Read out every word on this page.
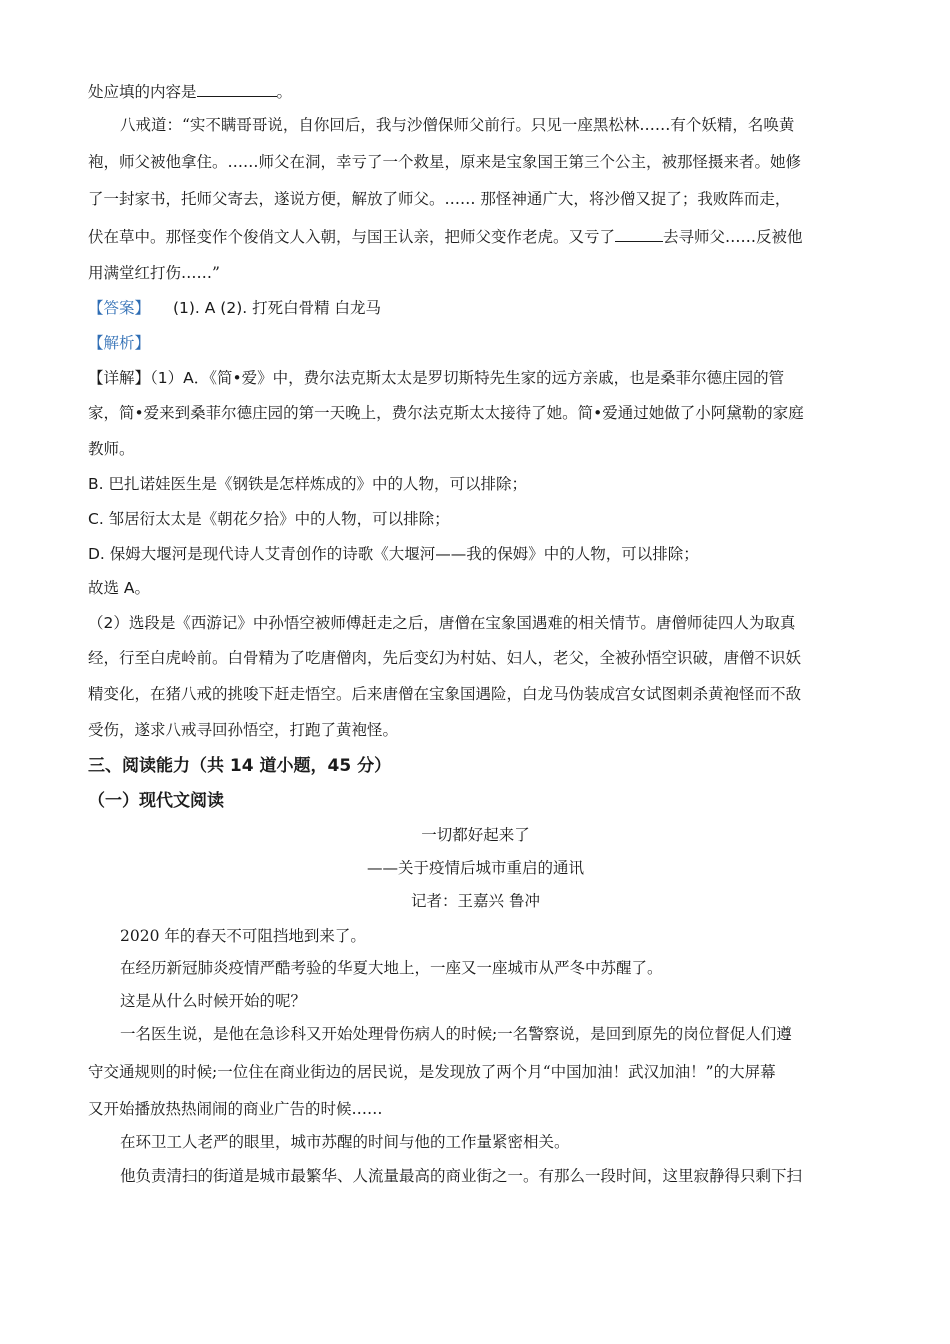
处应填的内容是	。
八戒道：“实不瞒哥哥说，自你回后，我与沙僧保师父前行。只见一座黑松林……有个妖精，名唤黄
袍，师父被他拿住。……师父在洞，幸亏了一个救星，原来是宝象国王第三个公主，被那怪摄来者。她修
了一封家书，托师父寄去，遂说方便，解放了师父。…… 那怪神通广大，将沙僧又捉了；我败阵而走，
伏在草中。那怪变作个俊俏文人入朝，与国王认亲，把师父变作老虎。又亏了	去寻师父……反被他
用满堂红打伤……”
【答案】 (1). A (2). 打死白骨精 白龙马
【解析】
【详解】（1）A．《简•爱》中，费尔法克斯太太是罗切斯特先生家的远方亲戚，也是桑菲尔德庄园的管
家，简•爱来到桑菲尔德庄园的第一天晚上，费尔法克斯太太接待了她。简•爱通过她做了小阿黛勒的家庭
教师。
B. 巴扎诺娃医生是《钢铁是怎样炼成的》中的人物，可以排除；
C. 邹居衍太太是《朝花夕拾》中的人物，可以排除；
D. 保姆大堰河是现代诗人艾青创作的诗歌《大堰河——我的保姆》中的人物，可以排除；
故选 A。
（2）选段是《西游记》中孙悟空被师傅赶走之后，唐僧在宝象国遇难的相关情节。唐僧师徒四人为取真
经，行至白虎岭前。白骨精为了吃唐僧肉，先后变幻为村姑、妇人，老父，全被孙悟空识破，唐僧不识妖
精变化，在猪八戒的挑唆下赶走悟空。后来唐僧在宝象国遇险，白龙马伪装成宫女试图刺杀黄袍怪而不敌
受伤，遂求八戒寻回孙悟空，打跑了黄袍怪。
三、阅读能力（共 14 道小题，45 分）
（一）现代文阅读
一切都好起来了
——关于疫情后城市重启的通讯
记者：王嘉兴 鲁冲
2020 年的春天不可阻挡地到来了。
在经历新冠肺炎疫情严酷考验的华夏大地上，一座又一座城市从严冬中苏醒了。
这是从什么时候开始的呢？
一名医生说，是他在急诊科又开始处理骨伤病人的时候;一名警察说，是回到原先的岗位督促人们遵
守交通规则的时候;一位住在商业街边的居民说，是发现放了两个月“中国加油！武汉加油！”的大屏幕
又开始播放热热闹闹的商业广告的时候……
在环卫工人老严的眼里，城市苏醒的时间与他的工作量紧密相关。
他负责清扫的街道是城市最繁华、人流量最高的商业街之一。有那么一段时间，这里寂静得只剩下扫
